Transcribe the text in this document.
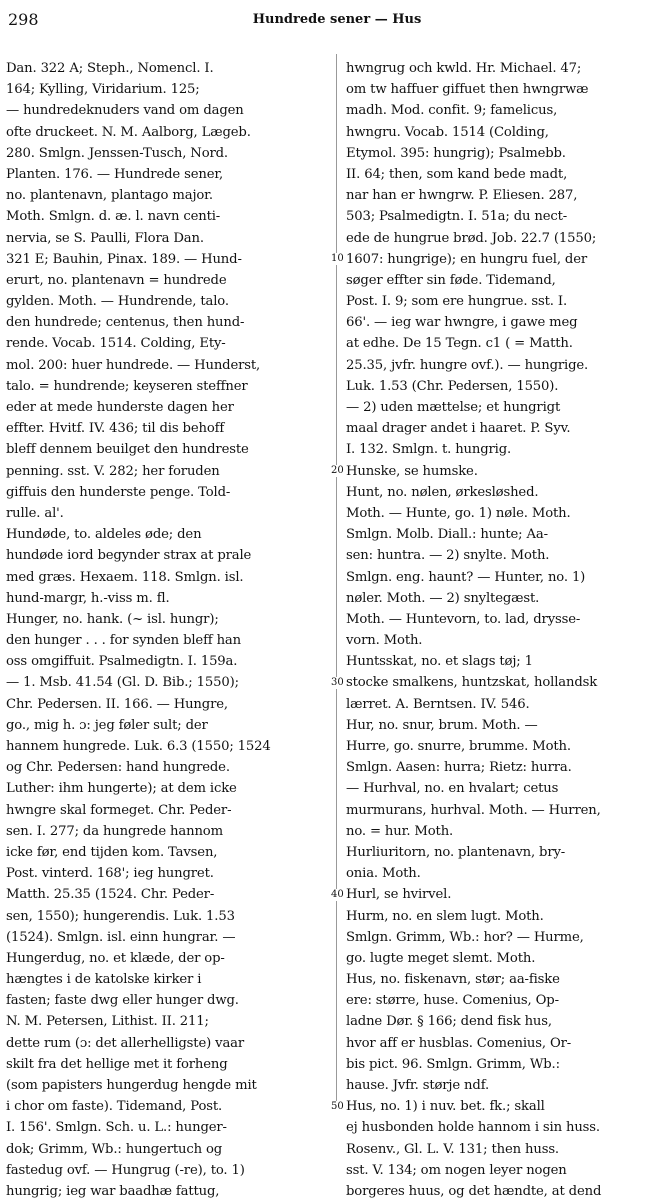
298	Hundrede sener — Hus
Dan. 322 A; Steph., Nomencl. I.
164; Kylling, Viridarium. 125;
— hundredeknuders vand om dagen
ofte druckeet. N. M. Aalborg, Lægeb.
280. Smlgn. Jenssen-Tusch, Nord.
Planten. 176. — Hundrede sener,
no. plantenavn, plantago major.
Moth. Smlgn. d. æ. l. navn centi-
nervia, se S. Paulli, Flora Dan.
321 E; Bauhin, Pinax. 189. — Hund-
erurt, no. plantenavn = hundrede
gylden. Moth. — Hundrende, talo.
den hundrede; centenus, then hund-
rende. Vocab. 1514. Colding, Ety-
mol. 200: huer hundrede. — Hunderst,
talo. = hundrende; keyseren steffner
eder at mede hunderste dagen her
effter. Hvitf. IV. 436; til dis behoff
bleff dennem beuilget den hundreste
penning. sst. V. 282; her foruden
giffuis den hunderste penge. Told-
rulle. al'.
Hundøde, to. aldeles øde; den
hundøde iord begynder strax at prale
med græs. Hexaem. 118. Smlgn. isl.
hund-margr, h.-viss m. fl.
Hunger, no. hank. (~ isl. hungr);
den hunger . . . for synden bleff han
oss omgiffuit. Psalmedigtn. I. 159a.
— 1. Msb. 41.54 (Gl. D. Bib.; 1550);
Chr. Pedersen. II. 166. — Hungre,
go., mig h. ɔ: jeg føler sult; der
hannem hungrede. Luk. 6.3 (1550; 1524
og Chr. Pedersen: hand hungrede.
Luther: ihm hungerte); at dem icke
hwngre skal formeget. Chr. Peder-
sen. I. 277; da hungrede hannom
icke før, end tijden kom. Tavsen,
Post. vinterd. 168'; ieg hungret.
Matth. 25.35 (1524. Chr. Peder-
sen, 1550); hungerendis. Luk. 1.53
(1524). Smlgn. isl. einn hungrar. —
Hungerdug, no. et klæde, der op-
hængtes i de katolske kirker i
fasten; faste dwg eller hunger dwg.
N. M. Petersen, Lithist. II. 211;
dette rum (ɔ: det allerhelligste) vaar
skilt fra det hellige met it forheng
(som papisters hungerdug hengde mit
i chor om faste). Tidemand, Post.
I. 156'. Smlgn. Sch. u. L.: hunger-
dok; Grimm, Wb.: hungertuch og
fastedug ovf. — Hungrug (-re), to. 1)
hungrig; ieg war baadhæ fattug,
hwngrug och kwld. Hr. Michael. 47;
om tw haffuer giffuet then hwngrwæ
madh. Mod. confit. 9; famelicus,
hwngru. Vocab. 1514 (Colding,
Etymol. 395: hungrig); Psalmebb.
II. 64; then, som kand bede madt,
nar han er hwngrw. P. Eliesen. 287,
503; Psalmedigtn. I. 51a; du nect-
ede de hungrue brød. Job. 22.7 (1550;
1607: hungrige); en hungru fuel, der
søger effter sin føde. Tidemand,
Post. I. 9; som ere hungrue. sst. I.
66'. — ieg war hwngre, i gawe meg
at edhe. De 15 Tegn. c1 ( = Matth.
25.35, jvfr. hungre ovf.). — hungrige.
Luk. 1.53 (Chr. Pedersen, 1550).
— 2) uden mættelse; et hungrigt
maal drager andet i haaret. P. Syv.
I. 132. Smlgn. t. hungrig.
Hunske, se humske.
Hunt, no. nølen, ørkesløshed.
Moth. — Hunte, go. 1) nøle. Moth.
Smlgn. Molb. Diall.: hunte; Aa-
sen: huntra. — 2) snylte. Moth.
Smlgn. eng. haunt? — Hunter, no. 1)
nøler. Moth. — 2) snyltegæst.
Moth. — Huntevorn, to. lad, drysse-
vorn. Moth.
Huntsskat, no. et slags tøj; 1
stocke smalkens, huntzskat, hollandsk
lærret. A. Berntsen. IV. 546.
Hur, no. snur, brum. Moth. —
Hurre, go. snurre, brumme. Moth.
Smlgn. Aasen: hurra; Rietz: hurra.
— Hurhval, no. en hvalart; cetus
murmurans, hurhval. Moth. — Hurren,
no. = hur. Moth.
Hurliuritorn, no. plantenavn, bry-
onia. Moth.
Hurl, se hvirvel.
Hurm, no. en slem lugt. Moth.
Smlgn. Grimm, Wb.: hor? — Hurme,
go. lugte meget slemt. Moth.
Hus, no. fiskenavn, stør; aa-fiske
ere: større, huse. Comenius, Op-
ladne Dør. § 166; dend fisk hus,
hvor aff er husblas. Comenius, Or-
bis pict. 96. Smlgn. Grimm, Wb.:
hause. Jvfr. størje ndf.
Hus, no. 1) i nuv. bet. fk.; skall
ej husbonden holde hannom i sin huss.
Rosenv., Gl. L. V. 131; then huss.
sst. V. 134; om nogen leyer nogen
borgeres huus, og det hændte, at dend
10
20
30
40
50
